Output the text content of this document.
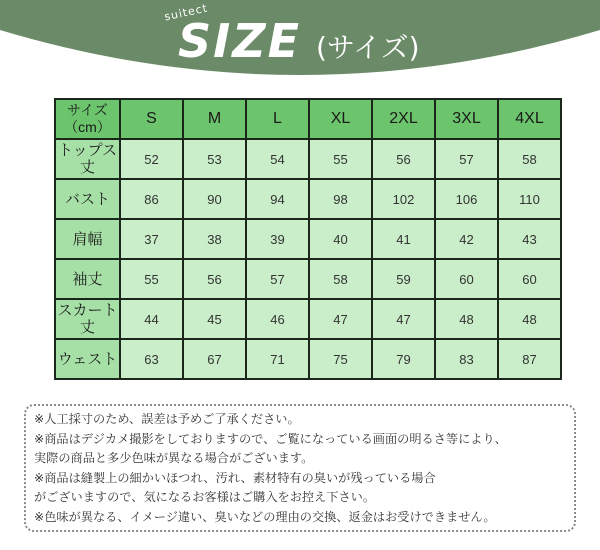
suitect
SIZE (サイズ)
サイズ
（cm）	S	M	L	XL	2XL	3XL	4XL

トップス
丈	52	53	54	55	56	57	58

バスト	86	90	94	98	102	106	110

肩幅	37	38	39	40	41	42	43

袖丈	55	56	57	58	59	60	60

スカート
丈	44	45	46	47	47	48	48

ウェスト	63	67	71	75	79	83	87
※人工採寸のため、誤差は予めご了承ください。
※商品はデジカメ撮影をしておりますので、ご覧になっている画面の明るさ等により、
実際の商品と多少色味が異なる場合がございます。
※商品は縫製上の細かいほつれ、汚れ、素材特有の臭いが残っている場合
がございますので、気になるお客様はご購入をお控え下さい。
※色味が異なる、イメージ違い、臭いなどの理由の交換、返金はお受けできません。
